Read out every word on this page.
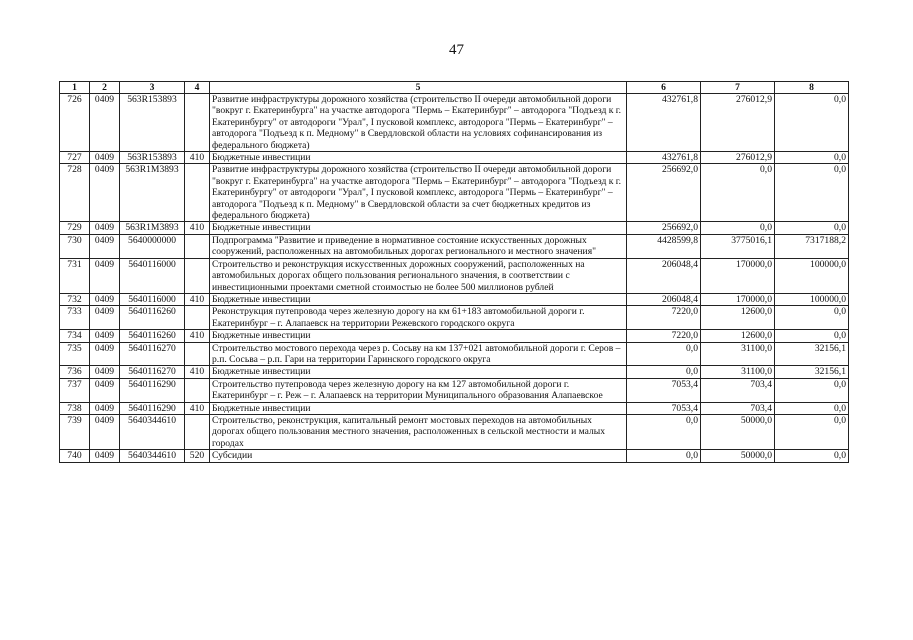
47
1	2	3	4	5	6	7	8
726	0409	563R153893		Развитие инфраструктуры дорожного хозяйства (строительство II очереди автомобильной дороги "вокруг г. Екатеринбурга" на участке автодорога "Пермь – Екатеринбург" – автодорога "Подъезд к г. Екатеринбургу" от автодороги "Урал", I пусковой комплекс, автодорога "Пермь – Екатеринбург" – автодорога "Подъезд к п. Медному" в Свердловской области на условиях софинансирования из федерального бюджета)	432761,8	276012,9	0,0
727	0409	563R153893	410	Бюджетные инвестиции	432761,8	276012,9	0,0
728	0409	563R1M3893		Развитие инфраструктуры дорожного хозяйства (строительство II очереди автомобильной дороги "вокруг г. Екатеринбурга" на участке автодорога "Пермь – Екатеринбург" – автодорога "Подъезд к г. Екатеринбургу" от автодороги "Урал", I пусковой комплекс, автодорога "Пермь – Екатеринбург" – автодорога "Подъезд к п. Медному" в Свердловской области за счет бюджетных кредитов из федерального бюджета)	256692,0	0,0	0,0
729	0409	563R1M3893	410	Бюджетные инвестиции	256692,0	0,0	0,0
730	0409	5640000000		Подпрограмма "Развитие и приведение в нормативное состояние искусственных дорожных сооружений, расположенных на автомобильных дорогах регионального и местного значения"	4428599,8	3775016,1	7317188,2
731	0409	5640116000		Строительство и реконструкция искусственных дорожных сооружений, расположенных на автомобильных дорогах общего пользования регионального значения, в соответствии с инвестиционными проектами сметной стоимостью не более 500 миллионов рублей	206048,4	170000,0	100000,0
732	0409	5640116000	410	Бюджетные инвестиции	206048,4	170000,0	100000,0
733	0409	5640116260		Реконструкция путепровода через железную дорогу на км 61+183 автомобильной дороги г. Екатеринбург – г. Алапаевск на территории Режевского городского округа	7220,0	12600,0	0,0
734	0409	5640116260	410	Бюджетные инвестиции	7220,0	12600,0	0,0
735	0409	5640116270		Строительство мостового перехода через р. Сосьву на км 137+021 автомобильной дороги г. Серов – р.п. Сосьва – р.п. Гари на территории Гаринского городского округа	0,0	31100,0	32156,1
736	0409	5640116270	410	Бюджетные инвестиции	0,0	31100,0	32156,1
737	0409	5640116290		Строительство путепровода через железную дорогу на км 127 автомобильной дороги г. Екатеринбург – г. Реж – г. Алапаевск на территории Муниципального образования Алапаевское	7053,4	703,4	0,0
738	0409	5640116290	410	Бюджетные инвестиции	7053,4	703,4	0,0
739	0409	5640344610		Строительство, реконструкция, капитальный ремонт мостовых переходов на автомобильных дорогах общего пользования местного значения, расположенных в сельской местности и малых городах	0,0	50000,0	0,0
740	0409	5640344610	520	Субсидии	0,0	50000,0	0,0
